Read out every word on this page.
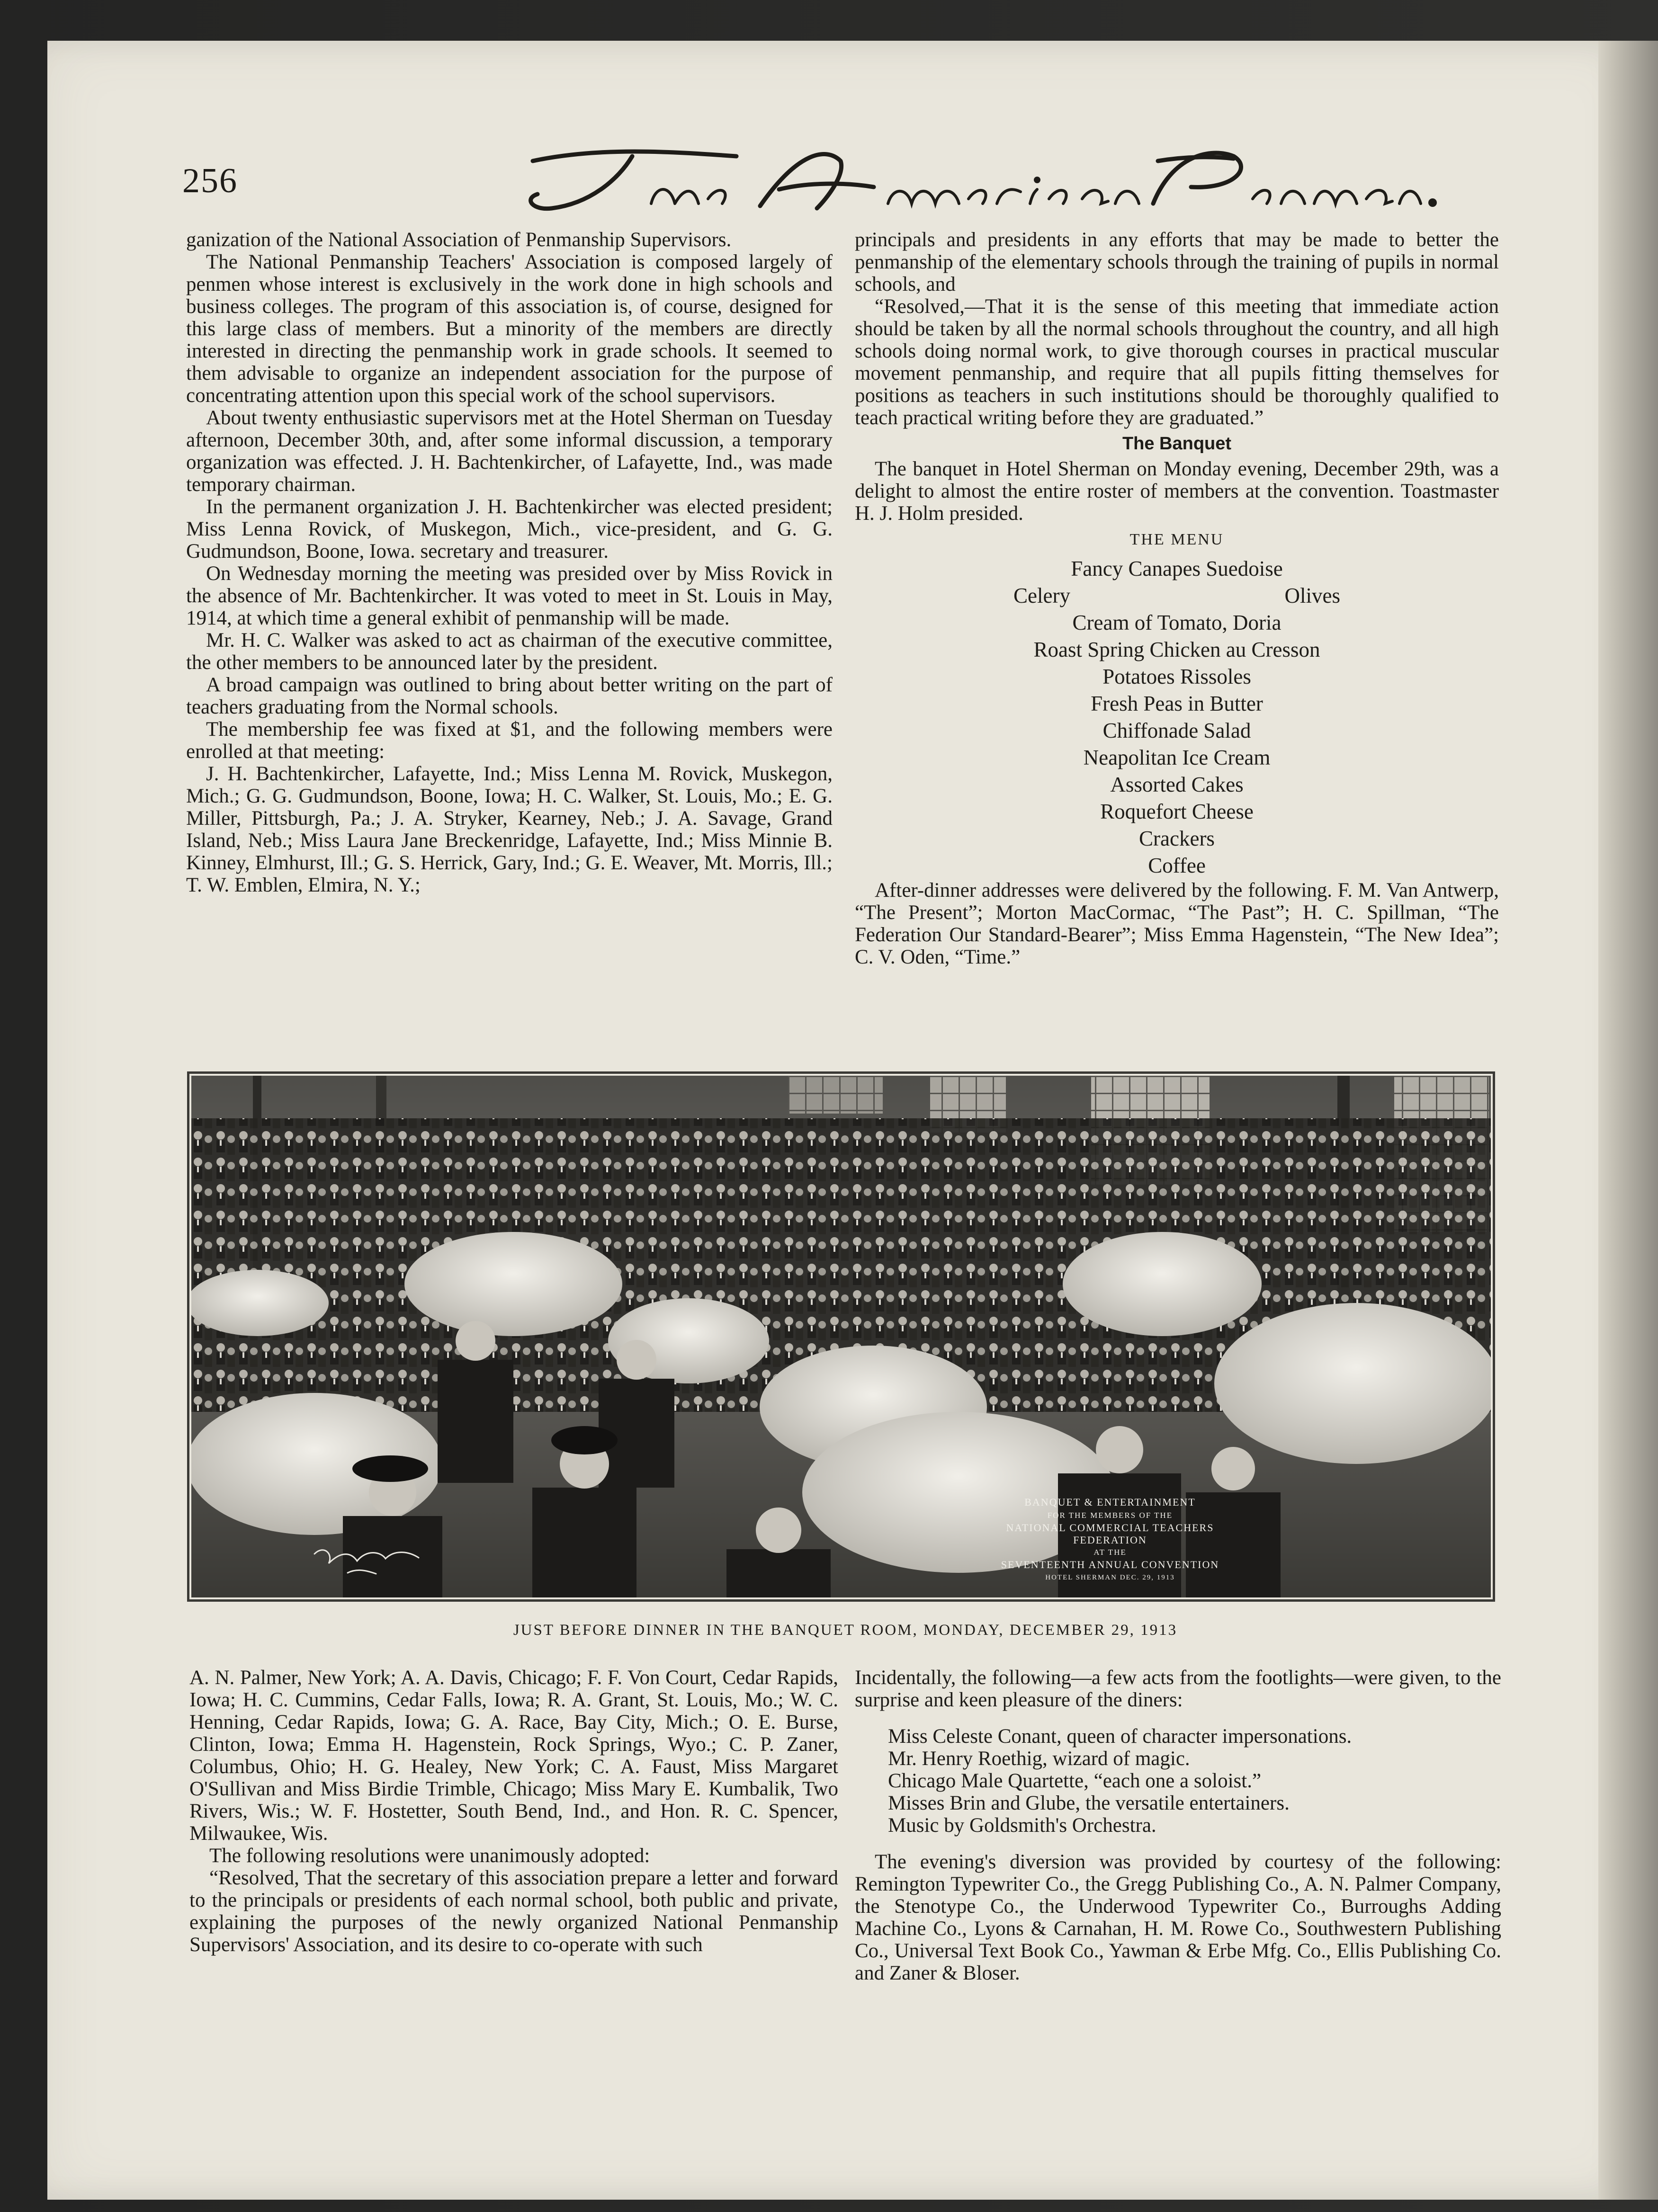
256

ganization of the National Association of Penmanship Supervisors.

The National Penmanship Teachers' Association is composed largely of penmen whose interest is exclusively in the work done in high schools and business colleges. The program of this association is, of course, designed for this large class of members. But a minority of the members are directly interested in directing the penmanship work in grade schools. It seemed to them advisable to organize an independent association for the purpose of concentrating attention upon this special work of the school supervisors.

About twenty enthusiastic supervisors met at the Hotel Sherman on Tuesday afternoon, December 30th, and, after some informal discussion, a temporary organization was effected. J. H. Bachtenkircher, of Lafayette, Ind., was made temporary chairman.

In the permanent organization J. H. Bachtenkircher was elected president; Miss Lenna Rovick, of Muskegon, Mich., vice-president, and G. G. Gudmundson, Boone, Iowa. secretary and treasurer.

On Wednesday morning the meeting was presided over by Miss Rovick in the absence of Mr. Bachtenkircher. It was voted to meet in St. Louis in May, 1914, at which time a general exhibit of penmanship will be made.

Mr. H. C. Walker was asked to act as chairman of the executive committee, the other members to be announced later by the president.

A broad campaign was outlined to bring about better writing on the part of teachers graduating from the Normal schools.

The membership fee was fixed at $1, and the following members were enrolled at that meeting:

J. H. Bachtenkircher, Lafayette, Ind.; Miss Lenna M. Rovick, Muskegon, Mich.; G. G. Gudmundson, Boone, Iowa; H. C. Walker, St. Louis, Mo.; E. G. Miller, Pittsburgh, Pa.; J. A. Stryker, Kearney, Neb.; J. A. Savage, Grand Island, Neb.; Miss Laura Jane Breckenridge, Lafayette, Ind.; Miss Minnie B. Kinney, Elmhurst, Ill.; G. S. Herrick, Gary, Ind.; G. E. Weaver, Mt. Morris, Ill.; T. W. Emblen, Elmira, N. Y.;

principals and presidents in any efforts that may be made to better the penmanship of the elementary schools through the training of pupils in normal schools, and

“Resolved,—That it is the sense of this meeting that immediate action should be taken by all the normal schools throughout the country, and all high schools doing normal work, to give thorough courses in practical muscular movement penmanship, and require that all pupils fitting themselves for positions as teachers in such institutions should be thoroughly qualified to teach practical writing before they are graduated.”

The Banquet

The banquet in Hotel Sherman on Monday evening, December 29th, was a delight to almost the entire roster of members at the convention. Toastmaster H. J. Holm presided.

THE MENU
Fancy Canapes Suedoise
Celery	Olives
Cream of Tomato, Doria
Roast Spring Chicken au Cresson
Potatoes Rissoles
Fresh Peas in Butter
Chiffonade Salad
Neapolitan Ice Cream
Assorted Cakes
Roquefort Cheese
Crackers
Coffee

After-dinner addresses were delivered by the following. F. M. Van Antwerp, “The Present”; Morton MacCormac, “The Past”; H. C. Spillman, “The Federation Our Standard-Bearer”; Miss Emma Hagenstein, “The New Idea”; C. V. Oden, “Time.”

BANQUET & ENTERTAINMENT
FOR THE MEMBERS OF THE
NATIONAL COMMERCIAL TEACHERS
FEDERATION
AT THE
SEVENTEENTH ANNUAL CONVENTION
HOTEL SHERMAN DEC. 29, 1913
JUST BEFORE DINNER IN THE BANQUET ROOM, MONDAY, DECEMBER 29, 1913

A. N. Palmer, New York; A. A. Davis, Chicago; F. F. Von Court, Cedar Rapids, Iowa; H. C. Cummins, Cedar Falls, Iowa; R. A. Grant, St. Louis, Mo.; W. C. Henning, Cedar Rapids, Iowa; G. A. Race, Bay City, Mich.; O. E. Burse, Clinton, Iowa; Emma H. Hagenstein, Rock Springs, Wyo.; C. P. Zaner, Columbus, Ohio; H. G. Healey, New York; C. A. Faust, Miss Margaret O'Sullivan and Miss Birdie Trimble, Chicago; Miss Mary E. Kumbalik, Two Rivers, Wis.; W. F. Hostetter, South Bend, Ind., and Hon. R. C. Spencer, Milwaukee, Wis.

The following resolutions were unanimously adopted:

“Resolved, That the secretary of this association prepare a letter and forward to the principals or presidents of each normal school, both public and private, explaining the purposes of the newly organized National Penmanship Supervisors' Association, and its desire to co-operate with such

Incidentally, the following—a few acts from the footlights—were given, to the surprise and keen pleasure of the diners:

Miss Celeste Conant, queen of character impersonations.

Mr. Henry Roethig, wizard of magic.

Chicago Male Quartette, “each one a soloist.”

Misses Brin and Glube, the versatile entertainers.

Music by Goldsmith's Orchestra.

The evening's diversion was provided by courtesy of the following: Remington Typewriter Co., the Gregg Publishing Co., A. N. Palmer Company, the Stenotype Co., the Underwood Typewriter Co., Burroughs Adding Machine Co., Lyons & Carnahan, H. M. Rowe Co., Southwestern Publishing Co., Universal Text Book Co., Yawman & Erbe Mfg. Co., Ellis Publishing Co. and Zaner & Bloser.
